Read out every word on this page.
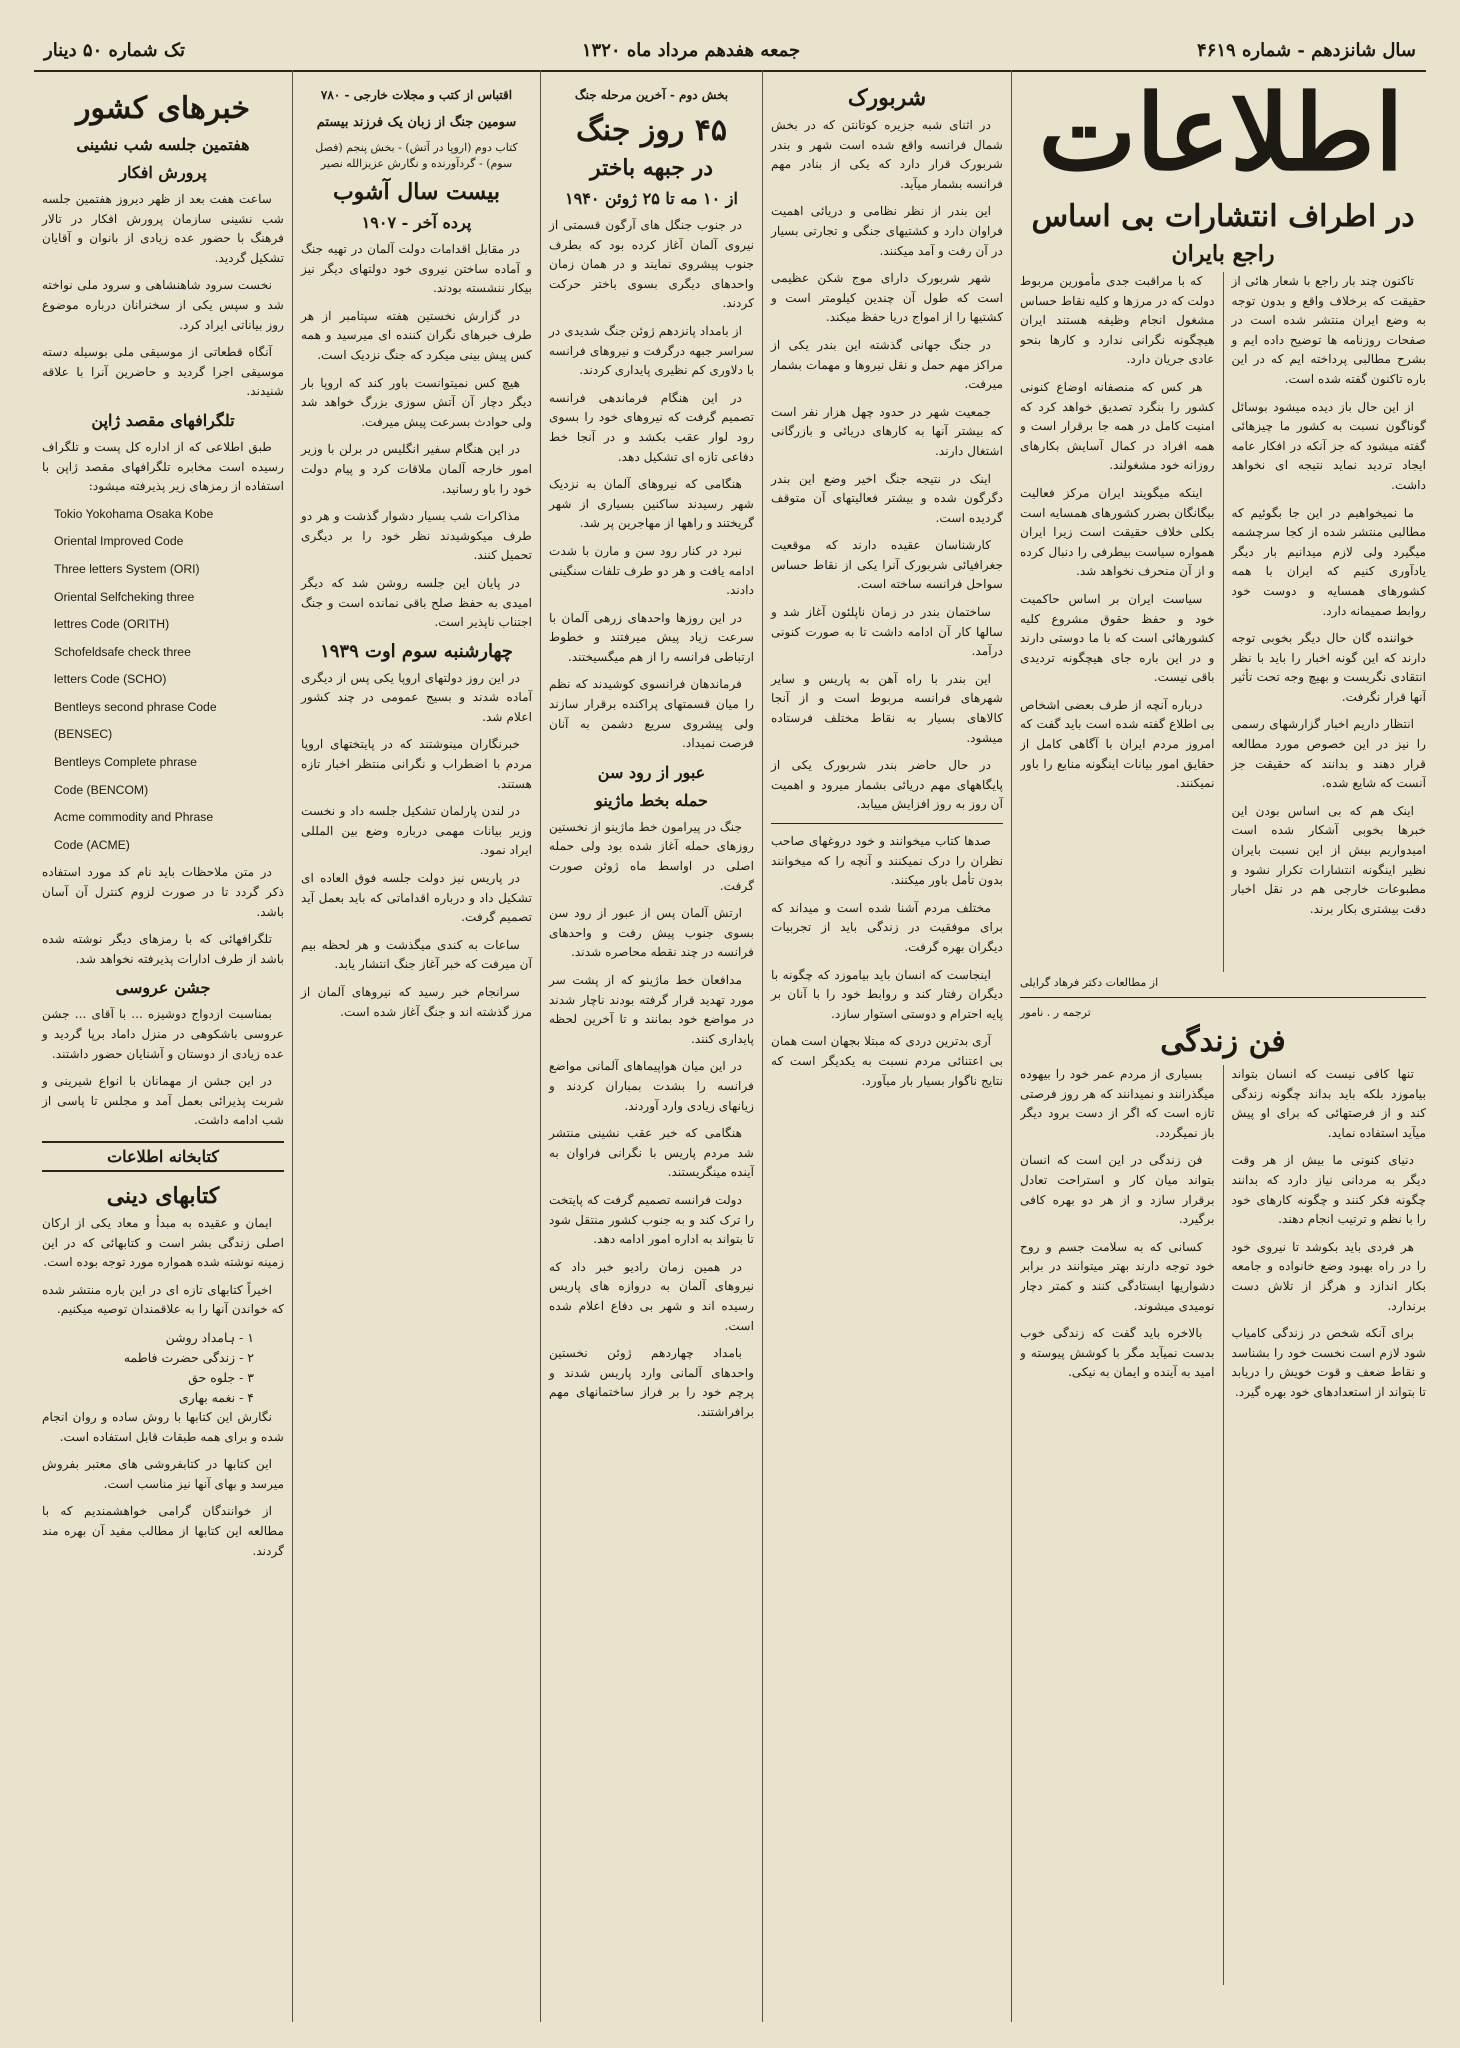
سال شانزدهم - شماره ۴۶۱۹
جمعه هفدهم مرداد ماه ۱۳۲۰
تک شماره ۵۰ دینار
اطلاعات
در اطراف انتشارات بی اساس
راجع بایران

تاکنون چند بار راجع با شعار هائی از حقیقت که برخلاف واقع و بدون توجه به وضع ایران منتشر شده است در صفحات روزنامه ها توضیح داده ایم و بشرح مطالبی پرداخته ایم که در این باره تاکنون گفته شده است.

از این حال باز دیده میشود بوسائل گوناگون نسبت به کشور ما چیزهائی گفته میشود که جز آنکه در افکار عامه ایجاد تردید نماید نتیجه ای نخواهد داشت.

ما نمیخواهیم در این جا بگوئیم که مطالبی منتشر شده از کجا سرچشمه میگیرد ولی لازم میدانیم بار دیگر یادآوری کنیم که ایران با همه کشورهای همسایه و دوست خود روابط صمیمانه دارد.

خواننده گان حال دیگر بخوبی توجه دارند که این گونه اخبار را باید با نظر انتقادی نگریست و بهیچ وجه تحت تأثیر آنها قرار نگرفت.

انتظار داریم اخبار گزارشهای رسمی را نیز در این خصوص مورد مطالعه قرار دهند و بدانند که حقیقت جز آنست که شایع شده.

اینک هم که بی اساس بودن این خبرها بخوبی آشکار شده است امیدواریم بیش از این نسبت بایران نظیر اینگونه انتشارات تکرار نشود و مطبوعات خارجی هم در نقل اخبار دقت بیشتری بکار برند.

که با مراقبت جدی مأمورین مربوط دولت که در مرزها و کلیه نقاط حساس مشغول انجام وظیفه هستند ایران هیچگونه نگرانی ندارد و کارها بنحو عادی جریان دارد.

هر کس که منصفانه اوضاع کنونی کشور را بنگرد تصدیق خواهد کرد که امنیت کامل در همه جا برقرار است و همه افراد در کمال آسایش بکارهای روزانه خود مشغولند.

اینکه میگویند ایران مرکز فعالیت بیگانگان بضرر کشورهای همسایه است بکلی خلاف حقیقت است زیرا ایران همواره سیاست بیطرفی را دنبال کرده و از آن منحرف نخواهد شد.

سیاست ایران بر اساس حاکمیت خود و حفظ حقوق مشروع کلیه کشورهائی است که با ما دوستی دارند و در این باره جای هیچگونه تردیدی باقی نیست.

درباره آنچه از طرف بعضی اشخاص بی اطلاع گفته شده است باید گفت که امروز مردم ایران با آگاهی کامل از حقایق امور بیانات اینگونه منابع را باور نمیکنند.

از مطالعات دکتر فرهاد گرایلی
ترجمه ر . نامور
فن زندگی

تنها کافی نیست که انسان بتواند بیاموزد بلکه باید بداند چگونه زندگی کند و از فرصتهائی که برای او پیش میآید استفاده نماید.

دنیای کنونی ما بیش از هر وقت دیگر به مردانی نیاز دارد که بدانند چگونه فکر کنند و چگونه کارهای خود را با نظم و ترتیب انجام دهند.

هر فردی باید بکوشد تا نیروی خود را در راه بهبود وضع خانواده و جامعه بکار اندازد و هرگز از تلاش دست برندارد.

برای آنکه شخص در زندگی کامیاب شود لازم است نخست خود را بشناسد و نقاط ضعف و قوت خویش را دریابد تا بتواند از استعدادهای خود بهره گیرد.

بسیاری از مردم عمر خود را بیهوده میگذرانند و نمیدانند که هر روز فرصتی تازه است که اگر از دست برود دیگر باز نمیگردد.

فن زندگی در این است که انسان بتواند میان کار و استراحت تعادل برقرار سازد و از هر دو بهره کافی برگیرد.

کسانی که به سلامت جسم و روح خود توجه دارند بهتر میتوانند در برابر دشواریها ایستادگی کنند و کمتر دچار نومیدی میشوند.

بالاخره باید گفت که زندگی خوب بدست نمیآید مگر با کوشش پیوسته و امید به آینده و ایمان به نیکی.

شربورک

در اثنای شبه جزیره کوتانتن که در بخش شمال فرانسه واقع شده است شهر و بندر شربورک قرار دارد که یکی از بنادر مهم فرانسه بشمار میآید.

این بندر از نظر نظامی و دریائی اهمیت فراوان دارد و کشتیهای جنگی و تجارتی بسیار در آن رفت و آمد میکنند.

شهر شربورک دارای موج شکن عظیمی است که طول آن چندین کیلومتر است و کشتیها را از امواج دریا حفظ میکند.

در جنگ جهانی گذشته این بندر یکی از مراکز مهم حمل و نقل نیروها و مهمات بشمار میرفت.

جمعیت شهر در حدود چهل هزار نفر است که بیشتر آنها به کارهای دریائی و بازرگانی اشتغال دارند.

اینک در نتیجه جنگ اخیر وضع این بندر دگرگون شده و بیشتر فعالیتهای آن متوقف گردیده است.

کارشناسان عقیده دارند که موقعیت جغرافیائی شربورک آنرا یکی از نقاط حساس سواحل فرانسه ساخته است.

ساختمان بندر در زمان ناپلئون آغاز شد و سالها کار آن ادامه داشت تا به صورت کنونی درآمد.

این بندر با راه آهن به پاریس و سایر شهرهای فرانسه مربوط است و از آنجا کالاهای بسیار به نقاط مختلف فرستاده میشود.

در حال حاضر بندر شربورک یکی از پایگاههای مهم دریائی بشمار میرود و اهمیت آن روز به روز افزایش مییابد.

صدها کتاب میخوانند و خود دروغهای صاحب نظران را درک نمیکنند و آنچه را که میخوانند بدون تأمل باور میکنند.

مختلف مردم آشنا شده است و میداند که برای موفقیت در زندگی باید از تجربیات دیگران بهره گرفت.

اینجاست که انسان باید بیاموزد که چگونه با دیگران رفتار کند و روابط خود را با آنان بر پایه احترام و دوستی استوار سازد.

آری بدترین دردی که مبتلا بجهان است همان بی اعتنائی مردم نسبت به یکدیگر است که نتایج ناگوار بسیار بار میآورد.

بخش دوم - آخرین مرحله جنگ
۴۵ روز جنگ
در جبهه باختر
از ۱۰ مه تا ۲۵ ژوئن ۱۹۴۰

در جنوب جنگل های آرگون قسمتی از نیروی آلمان آغاز کرده بود که بطرف جنوب پیشروی نمایند و در همان زمان واحدهای دیگری بسوی باختر حرکت کردند.

از بامداد پانزدهم ژوئن جنگ شدیدی در سراسر جبهه درگرفت و نیروهای فرانسه با دلاوری کم نظیری پایداری کردند.

در این هنگام فرماندهی فرانسه تصمیم گرفت که نیروهای خود را بسوی رود لوار عقب بکشد و در آنجا خط دفاعی تازه ای تشکیل دهد.

هنگامی که نیروهای آلمان به نزدیک شهر رسیدند ساکنین بسیاری از شهر گریختند و راهها از مهاجرین پر شد.

نبرد در کنار رود سن و مارن با شدت ادامه یافت و هر دو طرف تلفات سنگینی دادند.

در این روزها واحدهای زرهی آلمان با سرعت زیاد پیش میرفتند و خطوط ارتباطی فرانسه را از هم میگسیختند.

فرماندهان فرانسوی کوشیدند که نظم را میان قسمتهای پراکنده برقرار سازند ولی پیشروی سریع دشمن به آنان فرصت نمیداد.

عبور از رود سن
حمله بخط ماژینو

جنگ در پیرامون خط ماژینو از نخستین روزهای حمله آغاز شده بود ولی حمله اصلی در اواسط ماه ژوئن صورت گرفت.

ارتش آلمان پس از عبور از رود سن بسوی جنوب پیش رفت و واحدهای فرانسه در چند نقطه محاصره شدند.

مدافعان خط ماژینو که از پشت سر مورد تهدید قرار گرفته بودند ناچار شدند در مواضع خود بمانند و تا آخرین لحظه پایداری کنند.

در این میان هواپیماهای آلمانی مواضع فرانسه را بشدت بمباران کردند و زیانهای زیادی وارد آوردند.

هنگامی که خبر عقب نشینی منتشر شد مردم پاریس با نگرانی فراوان به آینده مینگریستند.

دولت فرانسه تصمیم گرفت که پایتخت را ترک کند و به جنوب کشور منتقل شود تا بتواند به اداره امور ادامه دهد.

در همین زمان رادیو خبر داد که نیروهای آلمان به دروازه های پاریس رسیده اند و شهر بی دفاع اعلام شده است.

بامداد چهاردهم ژوئن نخستین واحدهای آلمانی وارد پاریس شدند و پرچم خود را بر فراز ساختمانهای مهم برافراشتند.

اقتباس از کتب و مجلات خارجی - ۷۸۰
سومین جنگ از زبان یک فرزند بیستم
کتاب دوم (اروپا در آتش) - بخش پنجم (فصل سوم) - گردآورنده و نگارش عزیزالله نصیر
بیست سال آشوب
پرده آخر - ۱۹۰۷

در مقابل اقدامات دولت آلمان در تهیه جنگ و آماده ساختن نیروی خود دولتهای دیگر نیز بیکار ننشسته بودند.

در گزارش نخستین هفته سپتامبر از هر طرف خبرهای نگران کننده ای میرسید و همه کس پیش بینی میکرد که جنگ نزدیک است.

هیچ کس نمیتوانست باور کند که اروپا بار دیگر دچار آن آتش سوزی بزرگ خواهد شد ولی حوادث بسرعت پیش میرفت.

در این هنگام سفیر انگلیس در برلن با وزیر امور خارجه آلمان ملاقات کرد و پیام دولت خود را باو رسانید.

مذاکرات شب بسیار دشوار گذشت و هر دو طرف میکوشیدند نظر خود را بر دیگری تحمیل کنند.

در پایان این جلسه روشن شد که دیگر امیدی به حفظ صلح باقی نمانده است و جنگ اجتناب ناپذیر است.

چهارشنبه سوم اوت ۱۹۳۹

در این روز دولتهای اروپا یکی پس از دیگری آماده شدند و بسیج عمومی در چند کشور اعلام شد.

خبرنگاران مینوشتند که در پایتختهای اروپا مردم با اضطراب و نگرانی منتظر اخبار تازه هستند.

در لندن پارلمان تشکیل جلسه داد و نخست وزیر بیانات مهمی درباره وضع بین المللی ایراد نمود.

در پاریس نیز دولت جلسه فوق العاده ای تشکیل داد و درباره اقداماتی که باید بعمل آید تصمیم گرفت.

ساعات به کندی میگذشت و هر لحظه بیم آن میرفت که خبر آغاز جنگ انتشار یابد.

سرانجام خبر رسید که نیروهای آلمان از مرز گذشته اند و جنگ آغاز شده است.

خبرهای کشور
هفتمین جلسه شب نشینی
پرورش افکار

ساعت هفت بعد از ظهر دیروز هفتمین جلسه شب نشینی سازمان پرورش افکار در تالار فرهنگ با حضور عده زیادی از بانوان و آقایان تشکیل گردید.

نخست سرود شاهنشاهی و سرود ملی نواخته شد و سپس یکی از سخنرانان درباره موضوع روز بیاناتی ایراد کرد.

آنگاه قطعاتی از موسیقی ملی بوسیله دسته موسیقی اجرا گردید و حاضرین آنرا با علاقه شنیدند.

تلگرافهای مقصد ژاپن

طبق اطلاعی که از اداره کل پست و تلگراف رسیده است مخابره تلگرافهای مقصد ژاپن با استفاده از رمزهای زیر پذیرفته میشود:

Tokio Yokohama Osaka Kobe

Oriental Improved Code

Three letters System (ORI)

Oriental Selfcheking three

lettres Code (ORITH)

Schofeldsafe check three

letters Code (SCHO)

Bentleys second phrase Code

(BENSEC)

Bentleys Complete phrase

Code (BENCOM)

Acme commodity and Phrase

Code (ACME)

در متن ملاحظات باید نام کد مورد استفاده ذکر گردد تا در صورت لزوم کنترل آن آسان باشد.

تلگرافهائی که با رمزهای دیگر نوشته شده باشد از طرف ادارات پذیرفته نخواهد شد.

جشن عروسی

بمناسبت ازدواج دوشیزه ... با آقای ... جشن عروسی باشکوهی در منزل داماد برپا گردید و عده زیادی از دوستان و آشنایان حضور داشتند.

در این جشن از مهمانان با انواع شیرینی و شربت پذیرائی بعمل آمد و مجلس تا پاسی از شب ادامه داشت.

کتابخانه اطلاعات
کتابهای دینی

ایمان و عقیده به مبدأ و معاد یکی از ارکان اصلی زندگی بشر است و کتابهائی که در این زمینه نوشته شده همواره مورد توجه بوده است.

اخیراً کتابهای تازه ای در این باره منتشر شده که خواندن آنها را به علاقمندان توصیه میکنیم.

۱ - ہامداد روشن
۲ - زندگی حضرت فاطمه
۳ - جلوه حق
۴ - نغمه بهاری

نگارش این کتابها با روش ساده و روان انجام شده و برای همه طبقات قابل استفاده است.

این کتابها در کتابفروشی های معتبر بفروش میرسد و بهای آنها نیز مناسب است.

از خوانندگان گرامی خواهشمندیم که با مطالعه این کتابها از مطالب مفید آن بهره مند گردند.
